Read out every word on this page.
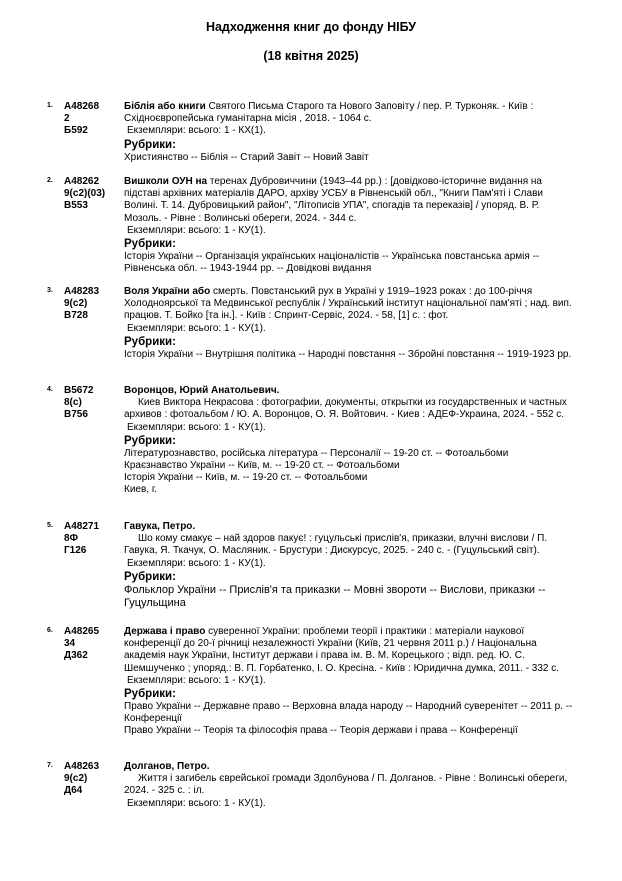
Надходження книг до фонду НІБУ
(18 квітня 2025)
1. A48268
2
Б592
Біблія або книги Святого Письма Старого та Нового Заповіту / пер. Р. Турконяк. - Київ : Східноєвропейська гуманітарна місія , 2018. - 1064 с.
Екземпляри: всього: 1 - КХ(1).
Рубрики:
Християнство -- Біблія -- Старий Завіт -- Новий Завіт
2. A48262
9(c2)(03)
B553
Вишколи ОУН на теренах Дубровиччини (1943–44 рр.) : [довідково-історичне видання на підставі архівних матеріалів ДАРО, архіву УСБУ в Рівненській обл., "Книги Пам'яті і Слави Волині. Т. 14. Дубровицький район", "Літописів УПА", спогадів та переказів] / упоряд. В. Р. Мозоль. - Рівне : Волинські обереги, 2024. - 344 с.
Екземпляри: всього: 1 - КУ(1).
Рубрики:
Історія України -- Організація українських націоналістів -- Українська повстанська армія -- Рівненська обл. -- 1943-1944 рр. -- Довідкові видання
3. A48283
9(c2)
B728
Воля України або смерть. Повстанський рух в Україні у 1919–1923 роках : до 100-річчя Холодноярської та Медвинської республік / Український інститут національної пам'яті ; над. вип. працюв. Т. Бойко [та ін.]. - Київ : Спринт-Сервіс, 2024. - 58, [1] с. : фот.
Екземпляри: всього: 1 - КУ(1).
Рубрики:
Історія України -- Внутрішня політика -- Народні повстання -- Збройні повстання -- 1919-1923 рр.
4. B5672
8(c)
B756
Воронцов, Юрий Анатольевич.
Киев Виктора Некрасова : фотографии, документы, открытки из государственных и частных архивов : фотоальбом / Ю. А. Воронцов, О. Я. Войтович. - Киев : АДЕФ-Украина, 2024. - 552 с.
Екземпляри: всього: 1 - КУ(1).
Рубрики:
Літературознавство, російська література -- Персоналії -- 19-20 ст. -- Фотоальбоми
Краєзнавство України -- Київ, м. -- 19-20 ст. -- Фотоальбоми
Історія України -- Київ, м. -- 19-20 ст. -- Фотоальбоми
Киев, г.
5. A48271
8Ф
Г126
Гавука, Петро.
Шо кому смакує – най здоров пакує! : гуцульські прислів'я, приказки, влучні вислови / П. Гавука, Я. Ткачук, О. Масляник. - Брустури : Дискурсус, 2025. - 240 с. - (Гуцульський світ).
Екземпляри: всього: 1 - КУ(1).
Рубрики:
Фольклор України -- Прислів'я та приказки -- Мовні звороти -- Вислови, приказки -- Гуцульщина
6. A48265
34
Д362
Держава і право суверенної України: проблеми теорії і практики : матеріали наукової конференції до 20-ї річниці незалежності України (Київ, 21 червня 2011 р.) / Національна академія наук України, Інститут держави і права ім. В. М. Корецького ; відп. ред. Ю. С. Шемшученко ; упоряд.: В. П. Горбатенко, І. О. Кресіна. - Київ : Юридична думка, 2011. - 332 с.
Екземпляри: всього: 1 - КУ(1).
Рубрики:
Право України -- Державне право -- Верховна влада народу -- Народний суверенітет -- 2011 р. -- Конференції
Право України -- Теорія та філософія права -- Теорія держави і права -- Конференції
7. A48263
9(c2)
Д64
Долганов, Петро.
Життя і загибель єврейської громади Здолбунова / П. Долганов. - Рівне : Волинські обереги, 2024. - 325 с. : іл.
Екземпляри: всього: 1 - КУ(1).
